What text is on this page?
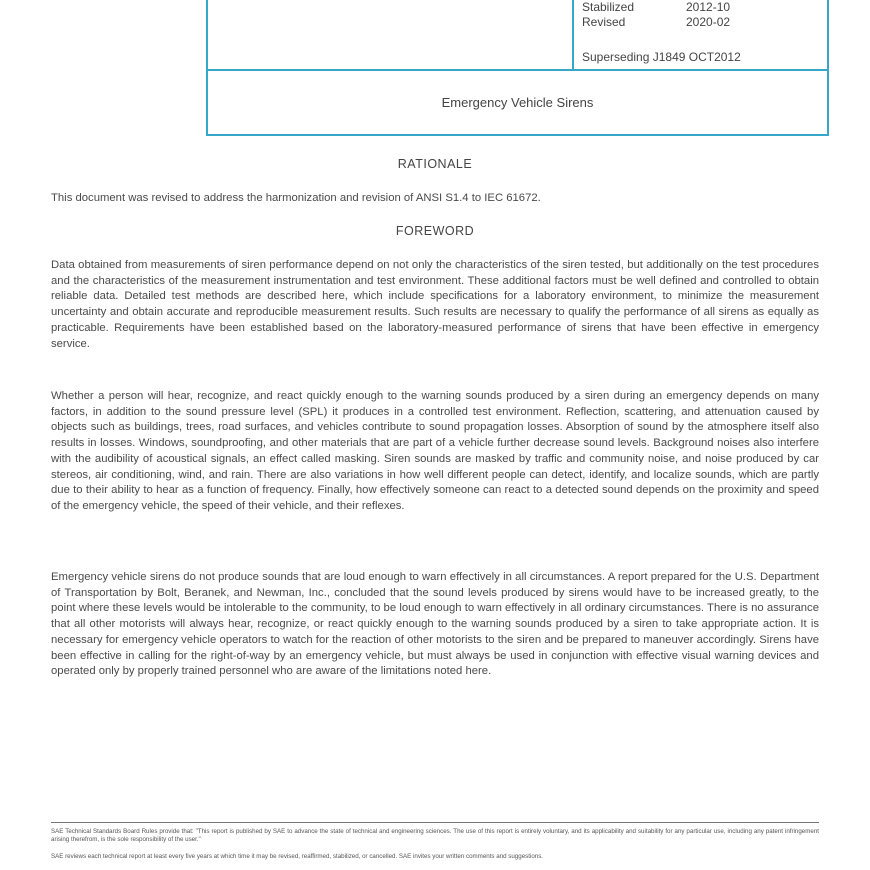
Stabilized	2012-10
Revised	2020-02
Superseding J1849 OCT2012
Emergency Vehicle Sirens
RATIONALE

This document was revised to address the harmonization and revision of ANSI S1.4 to IEC 61672.

FOREWORD

Data obtained from measurements of siren performance depend on not only the characteristics of the siren tested, but additionally on the test procedures and the characteristics of the measurement instrumentation and test environment. These additional factors must be well defined and controlled to obtain reliable data. Detailed test methods are described here, which include specifications for a laboratory environment, to minimize the measurement uncertainty and obtain accurate and reproducible measurement results. Such results are necessary to qualify the performance of all sirens as equally as practicable. Requirements have been established based on the laboratory-measured performance of sirens that have been effective in emergency service.

Whether a person will hear, recognize, and react quickly enough to the warning sounds produced by a siren during an emergency depends on many factors, in addition to the sound pressure level (SPL) it produces in a controlled test environment. Reflection, scattering, and attenuation caused by objects such as buildings, trees, road surfaces, and vehicles contribute to sound propagation losses. Absorption of sound by the atmosphere itself also results in losses. Windows, soundproofing, and other materials that are part of a vehicle further decrease sound levels. Background noises also interfere with the audibility of acoustical signals, an effect called masking. Siren sounds are masked by traffic and community noise, and noise produced by car stereos, air conditioning, wind, and rain. There are also variations in how well different people can detect, identify, and localize sounds, which are partly due to their ability to hear as a function of frequency. Finally, how effectively someone can react to a detected sound depends on the proximity and speed of the emergency vehicle, the speed of their vehicle, and their reflexes.

Emergency vehicle sirens do not produce sounds that are loud enough to warn effectively in all circumstances. A report prepared for the U.S. Department of Transportation by Bolt, Beranek, and Newman, Inc., concluded that the sound levels produced by sirens would have to be increased greatly, to the point where these levels would be intolerable to the community, to be loud enough to warn effectively in all ordinary circumstances. There is no assurance that all other motorists will always hear, recognize, or react quickly enough to the warning sounds produced by a siren to take appropriate action. It is necessary for emergency vehicle operators to watch for the reaction of other motorists to the siren and be prepared to maneuver accordingly. Sirens have been effective in calling for the right-of-way by an emergency vehicle, but must always be used in conjunction with effective visual warning devices and operated only by properly trained personnel who are aware of the limitations noted here.

SAE Technical Standards Board Rules provide that: "This report is published by SAE to advance the state of technical and engineering sciences. The use of this report is entirely voluntary, and its applicability and suitability for any particular use, including any patent infringement arising therefrom, is the sole responsibility of the user."

SAE reviews each technical report at least every five years at which time it may be revised, reaffirmed, stabilized, or cancelled. SAE invites your written comments and suggestions.
